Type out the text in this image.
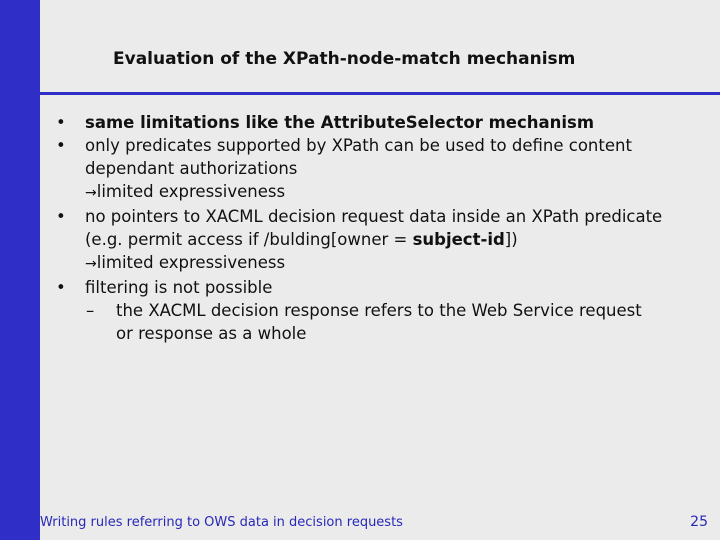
Evaluation of the XPath-node-match mechanism
• same limitations like the AttributeSelector mechanism
• only predicates supported by XPath can be used to define content
dependant authorizations
→limited expressiveness
• no pointers to XACML decision request data inside an XPath predicate
(e.g. permit access if /bulding[owner = subject-id])
→limited expressiveness
• filtering is not possible
– the XACML decision response refers to the Web Service request
or response as a whole
Writing rules referring to OWS data in decision requests	25
